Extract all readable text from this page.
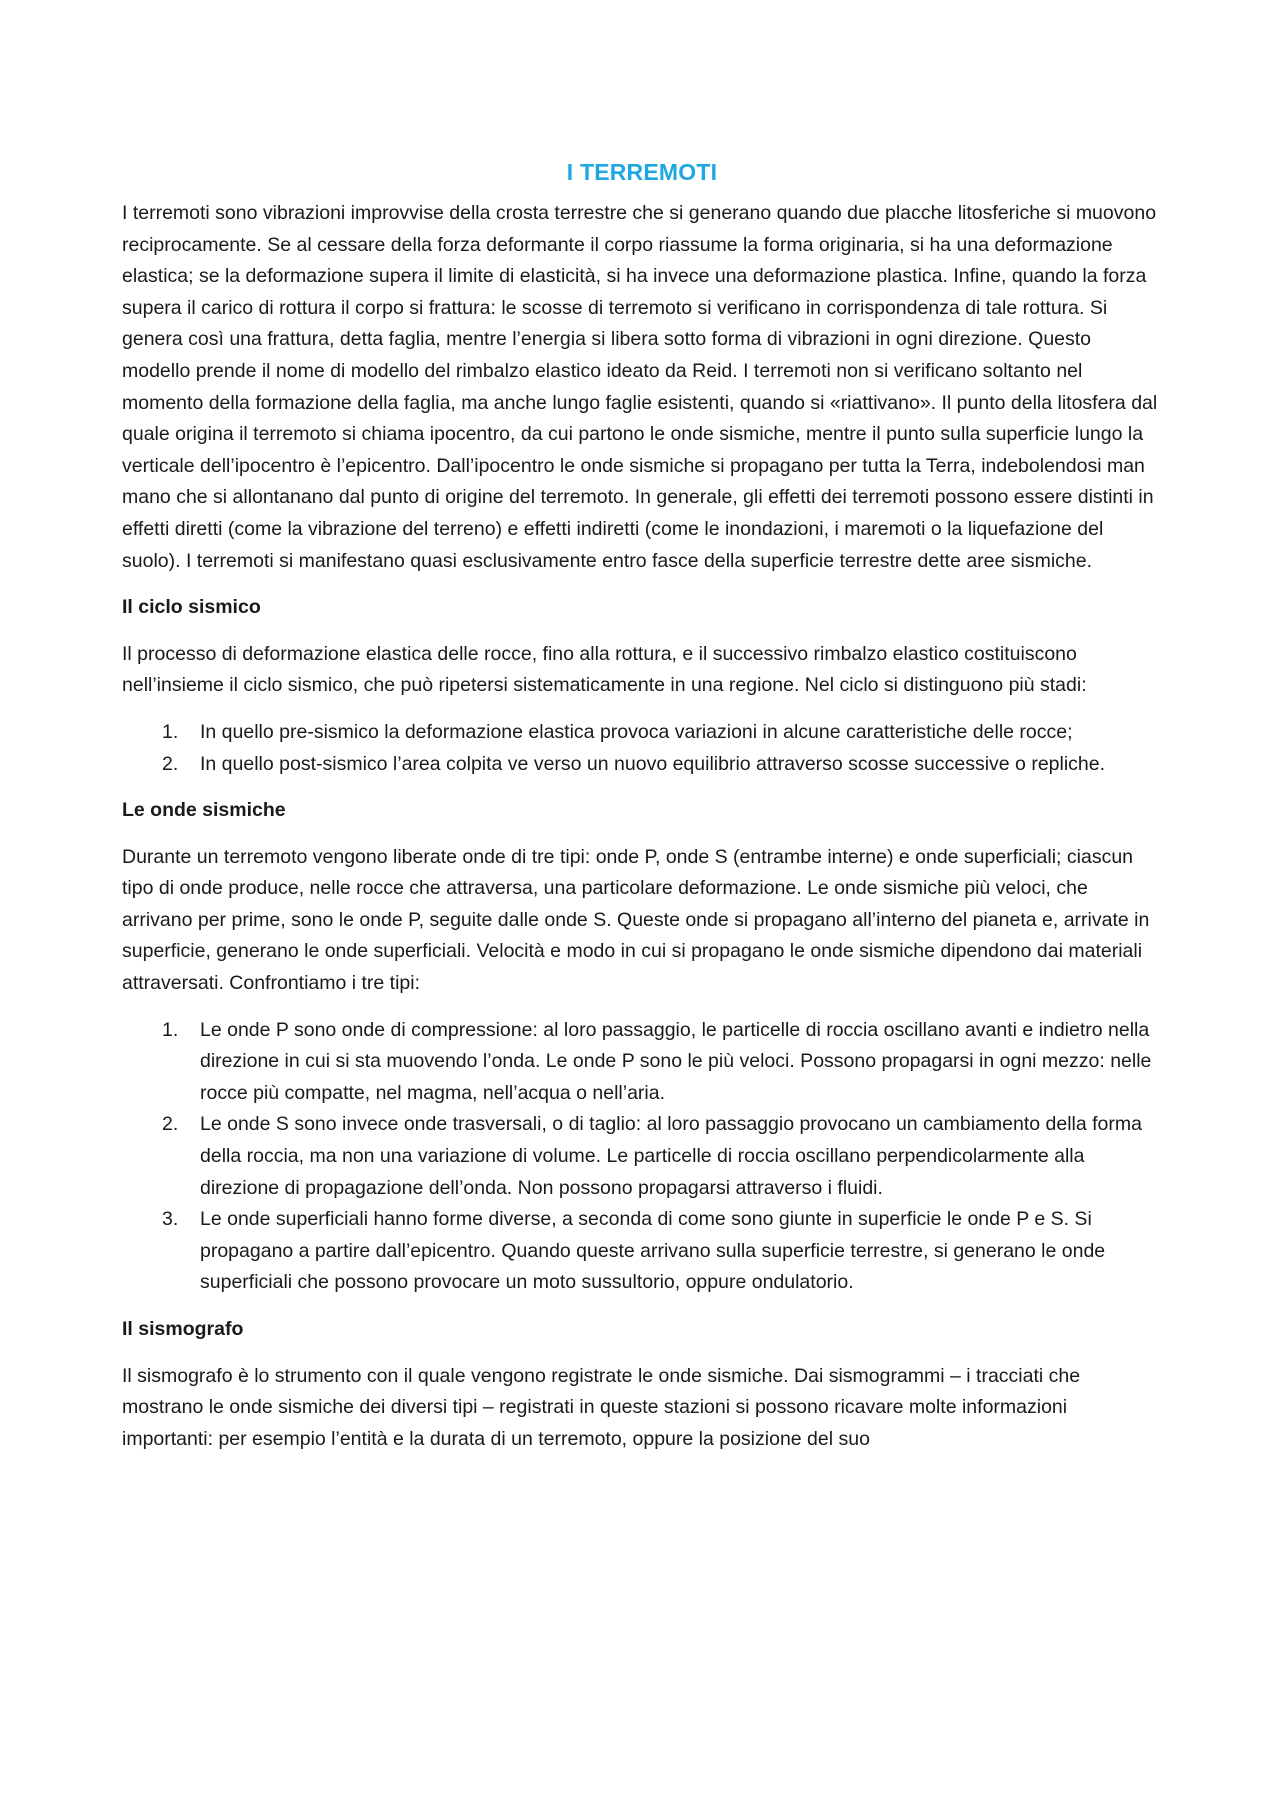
I TERREMOTI

I terremoti sono vibrazioni improvvise della crosta terrestre che si generano quando due placche litosferiche si muovono reciprocamente. Se al cessare della forza deformante il corpo riassume la forma originaria, si ha una deformazione elastica; se la deformazione supera il limite di elasticità, si ha invece una deformazione plastica. Infine, quando la forza supera il carico di rottura il corpo si frattura: le scosse di terremoto si verificano in corrispondenza di tale rottura. Si genera così una frattura, detta faglia, mentre l’energia si libera sotto forma di vibrazioni in ogni direzione. Questo modello prende il nome di modello del rimbalzo elastico ideato da Reid. I terremoti non si verificano soltanto nel momento della formazione della faglia, ma anche lungo faglie esistenti, quando si «riattivano». Il punto della litosfera dal quale origina il terremoto si chiama ipocentro, da cui partono le onde sismiche, mentre il punto sulla superficie lungo la verticale dell’ipocentro è l’epicentro. Dall’ipocentro le onde sismiche si propagano per tutta la Terra, indebolendosi man mano che si allontanano dal punto di origine del terremoto. In generale, gli effetti dei terremoti possono essere distinti in effetti diretti (come la vibrazione del terreno) e effetti indiretti (come le inondazioni, i maremoti o la liquefazione del suolo). I terremoti si manifestano quasi esclusivamente entro fasce della superficie terrestre dette aree sismiche.

Il ciclo sismico

Il processo di deformazione elastica delle rocce, fino alla rottura, e il successivo rimbalzo elastico costituiscono nell’insieme il ciclo sismico, che può ripetersi sistematicamente in una regione. Nel ciclo si distinguono più stadi:

1. In quello pre-sismico la deformazione elastica provoca variazioni in alcune caratteristiche delle rocce;
2. In quello post-sismico l’area colpita ve verso un nuovo equilibrio attraverso scosse successive o repliche.
Le onde sismiche

Durante un terremoto vengono liberate onde di tre tipi: onde P, onde S (entrambe interne) e onde superficiali; ciascun tipo di onde produce, nelle rocce che attraversa, una particolare deformazione. Le onde sismiche più veloci, che arrivano per prime, sono le onde P, seguite dalle onde S. Queste onde si propagano all’interno del pianeta e, arrivate in superficie, generano le onde superficiali. Velocità e modo in cui si propagano le onde sismiche dipendono dai materiali attraversati. Confrontiamo i tre tipi:

1. Le onde P sono onde di compressione: al loro passaggio, le particelle di roccia oscillano avanti e indietro nella direzione in cui si sta muovendo l’onda. Le onde P sono le più veloci. Possono propagarsi in ogni mezzo: nelle rocce più compatte, nel magma, nell’acqua o nell’aria.
2. Le onde S sono invece onde trasversali, o di taglio: al loro passaggio provocano un cambiamento della forma della roccia, ma non una variazione di volume. Le particelle di roccia oscillano perpendicolarmente alla direzione di propagazione dell’onda. Non possono propagarsi attraverso i fluidi.
3. Le onde superficiali hanno forme diverse, a seconda di come sono giunte in superficie le onde P e S. Si propagano a partire dall’epicentro. Quando queste arrivano sulla superficie terrestre, si generano le onde superficiali che possono provocare un moto sussultorio, oppure ondulatorio.
Il sismografo

Il sismografo è lo strumento con il quale vengono registrate le onde sismiche. Dai sismogrammi – i tracciati che mostrano le onde sismiche dei diversi tipi – registrati in queste stazioni si possono ricavare molte informazioni importanti: per esempio l’entità e la durata di un terremoto, oppure la posizione del suo
